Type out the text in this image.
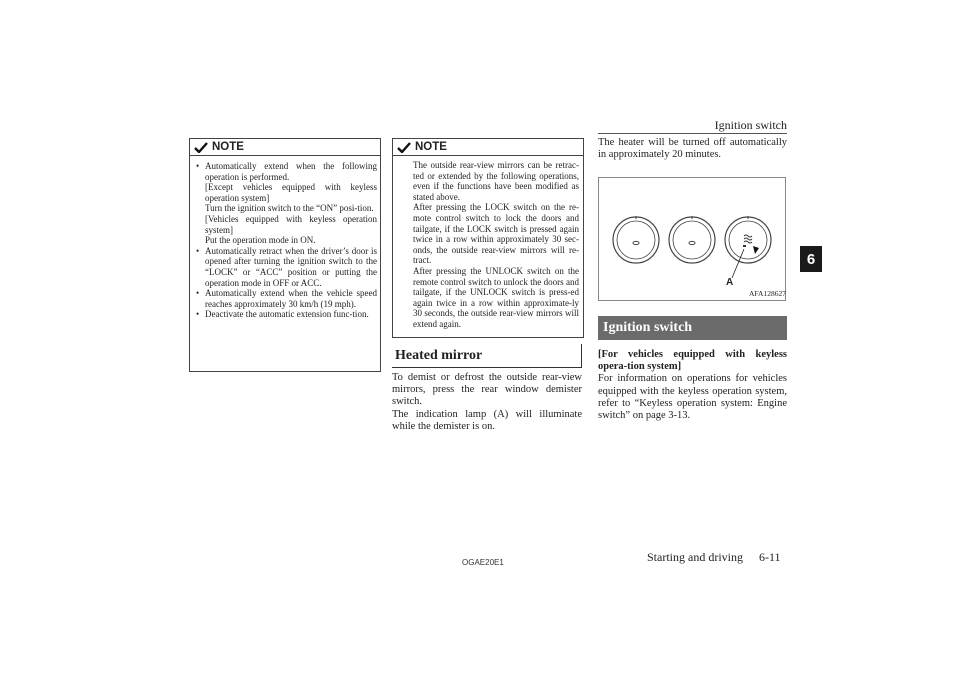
Ignition switch
6
NOTE
• Automatically extend when the following operation is performed.
[Except vehicles equipped with keyless operation system]
Turn the ignition switch to the “ON” posi-tion.
[Vehicles equipped with keyless operation system]
Put the operation mode in ON.
• Automatically retract when the driver’s door is opened after turning the ignition switch to the “LOCK” or “ACC” position or putting the operation mode in OFF or ACC.
• Automatically extend when the vehicle speed reaches approximately 30 km/h (19 mph).
• Deactivate the automatic extension func-tion.
NOTE

The outside rear-view mirrors can be retrac-ted or extended by the following operations, even if the functions have been modified as stated above.

After pressing the LOCK switch on the re-mote control switch to lock the doors and tailgate, if the LOCK switch is pressed again twice in a row within approximately 30 sec-onds, the outside rear-view mirrors will re-tract.

After pressing the UNLOCK switch on the remote control switch to unlock the doors and tailgate, if the UNLOCK switch is press-ed again twice in a row within approximate-ly 30 seconds, the outside rear-view mirrors will extend again.

Heated mirror

To demist or defrost the outside rear-view mirrors, press the rear window demister switch.

The indication lamp (A) will illuminate while the demister is on.

The heater will be turned off automatically in approximately 20 minutes.

A
AFA128627
Ignition switch

[For vehicles equipped with keyless opera-tion system]

For information on operations for vehicles equipped with the keyless operation system, refer to “Keyless operation system: Engine switch” on page 3-13.

OGAE20E1	Starting and driving 6-11
